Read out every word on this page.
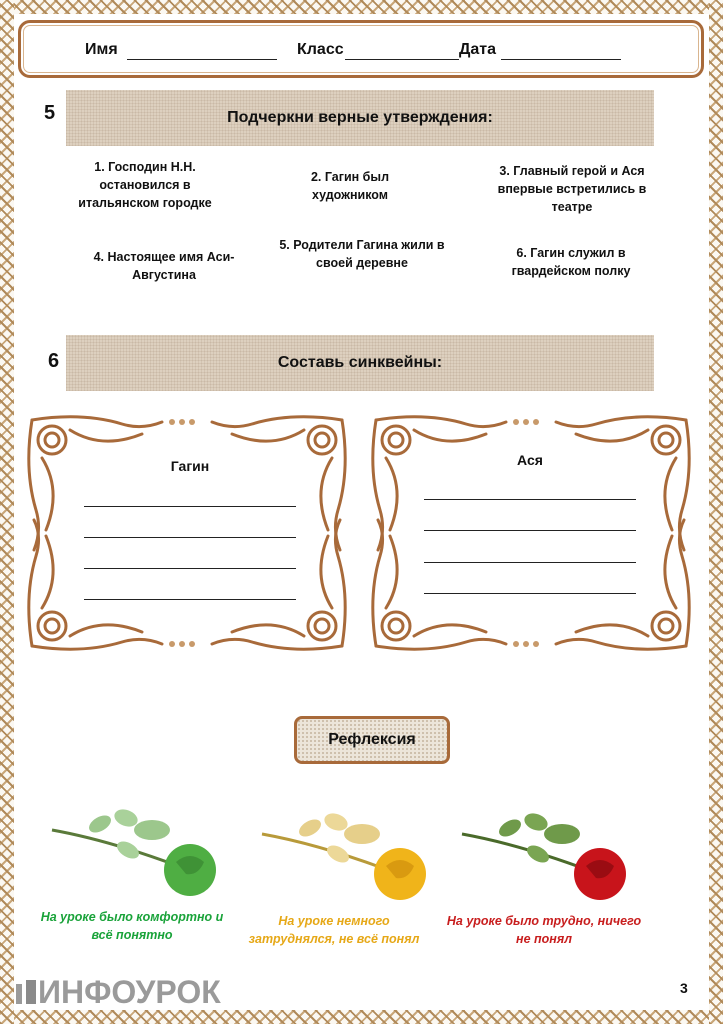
Имя	Класс	Дата
5	Подчеркни верные утверждения:
1. Господин Н.Н. остановился в итальянском городке
2. Гагин был художником
3. Главный герой и Ася впервые встретились в театре
4. Настоящее имя Аси- Августина
5. Родители Гагина жили в своей деревне
6. Гагин служил в гвардейском полку
6	Составь синквейны:
Гагин	Ася
Рефлексия
На уроке было комфортно и всё понятно
На уроке немного затруднялся, не всё понял
На уроке было трудно, ничего не понял
ИНФОУРОК	3
